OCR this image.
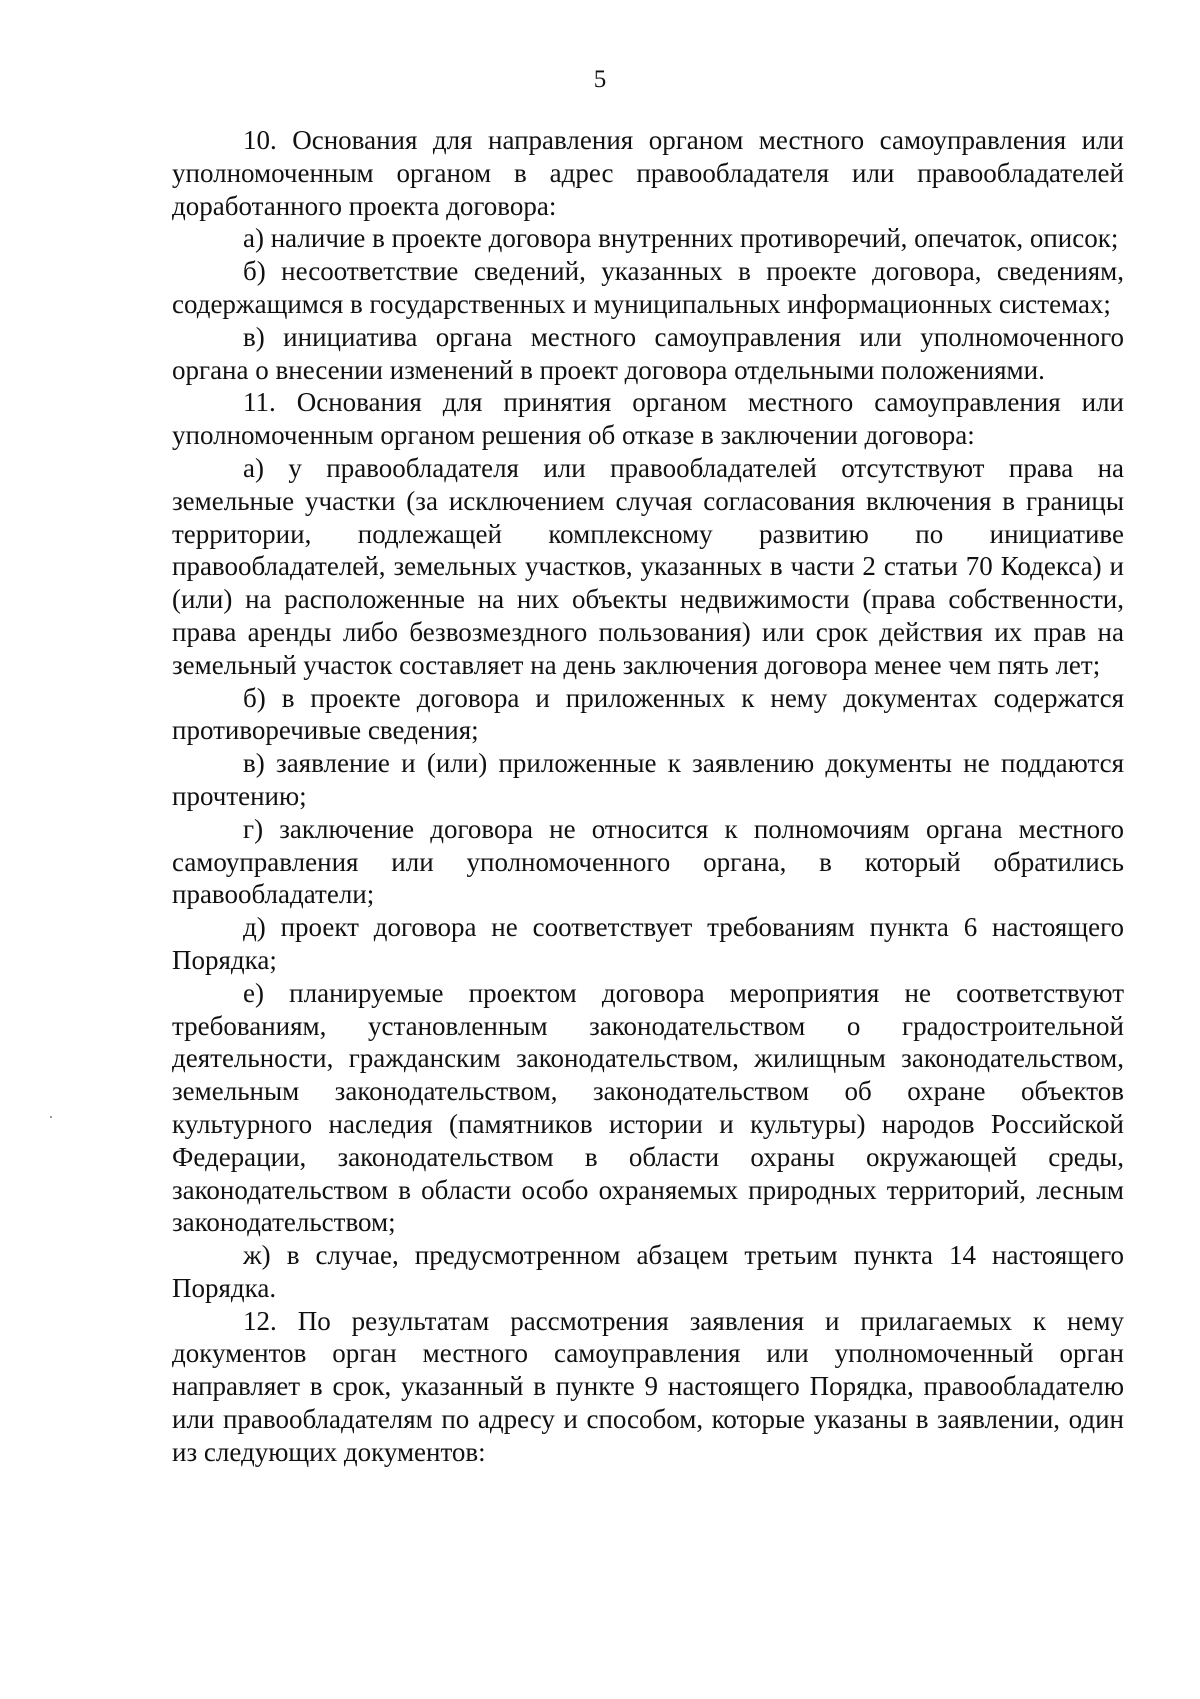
5

10. Основания для направления органом местного самоуправления или уполномоченным органом в адрес правообладателя или правообладателей доработанного проекта договора:

а) наличие в проекте договора внутренних противоречий, опечаток, описок;

б) несоответствие сведений, указанных в проекте договора, сведениям, содержащимся в государственных и муниципальных информационных системах;

в) инициатива органа местного самоуправления или уполномоченного органа о внесении изменений в проект договора отдельными положениями.

11. Основания для принятия органом местного самоуправления или уполномоченным органом решения об отказе в заключении договора:

а) у правообладателя или правообладателей отсутствуют права на земельные участки (за исключением случая согласования включения в границы территории, подлежащей комплексному развитию по инициативе правообладателей, земельных участков, указанных в части 2 статьи 70 Кодекса) и (или) на расположенные на них объекты недвижимости (права собственности, права аренды либо безвозмездного пользования) или срок действия их прав на земельный участок составляет на день заключения договора менее чем пять лет;

б) в проекте договора и приложенных к нему документах содержатся противоречивые сведения;

в) заявление и (или) приложенные к заявлению документы не поддаются прочтению;

г) заключение договора не относится к полномочиям органа местного самоуправления или уполномоченного органа, в который обратились правообладатели;

д) проект договора не соответствует требованиям пункта 6 настоящего Порядка;

е) планируемые проектом договора мероприятия не соответствуют требованиям, установленным законодательством о градостроительной деятельности, гражданским законодательством, жилищным законодательством, земельным законодательством, законодательством об охране объектов культурного наследия (памятников истории и культуры) народов Российской Федерации, законодательством в области охраны окружающей среды, законодательством в области особо охраняемых природных территорий, лесным законодательством;

ж) в случае, предусмотренном абзацем третьим пункта 14 настоящего Порядка.

12. По результатам рассмотрения заявления и прилагаемых к нему документов орган местного самоуправления или уполномоченный орган направляет в срок, указанный в пункте 9 настоящего Порядка, правообладателю или правообладателям по адресу и способом, которые указаны в заявлении, один из следующих документов:
